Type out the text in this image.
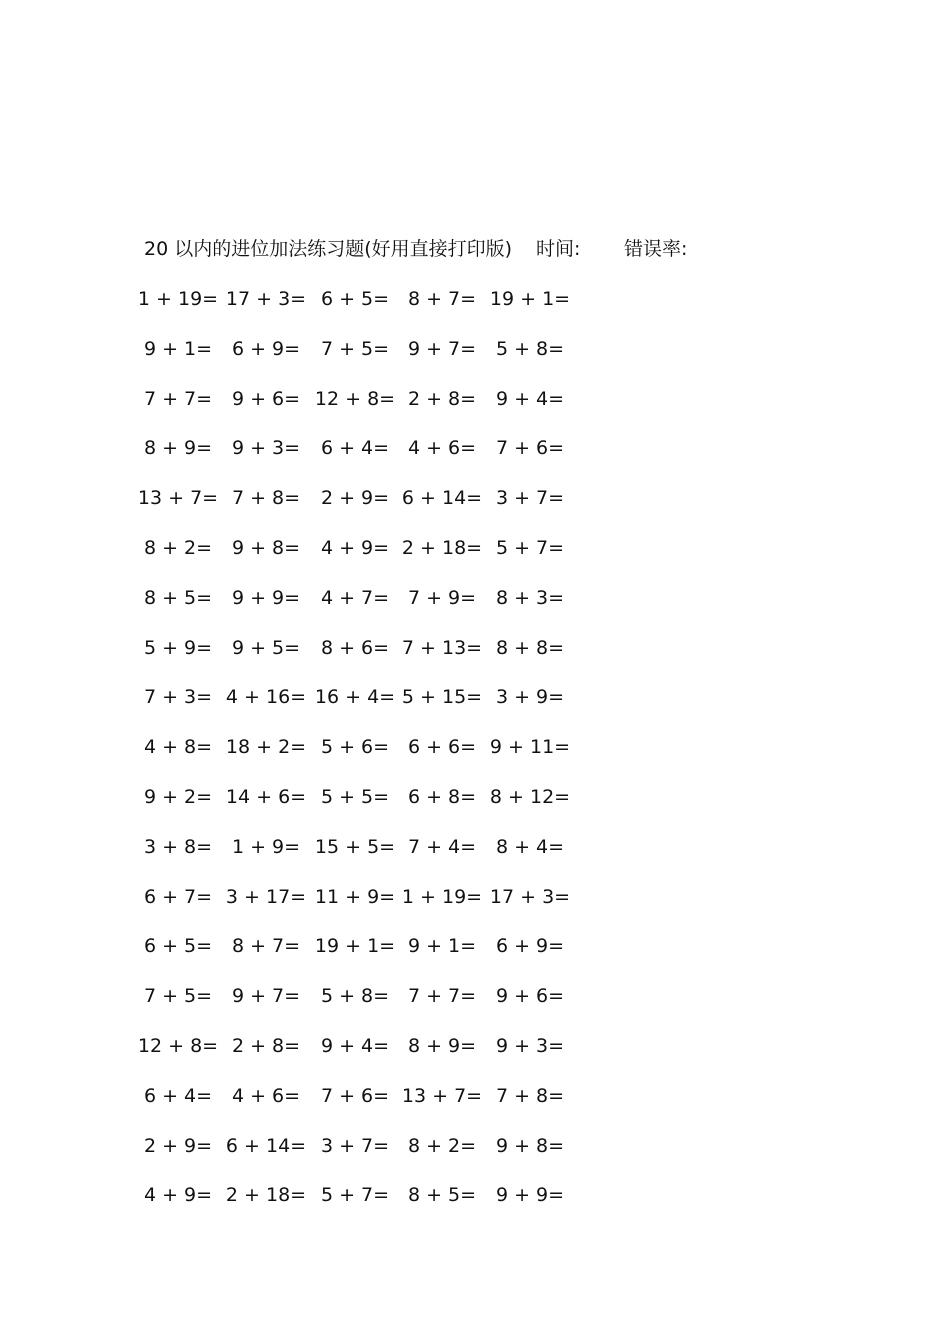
20 以内的进位加法练习题(好用直接打印版) 时间: 错误率:
1 + 19= 17 + 3= 6 + 5= 8 + 7= 19 + 1=
9 + 1=	6 + 9=	7 + 5= 9 + 7=	5 + 8=
7 + 7=	9 + 6= 12 + 8= 2 + 8=	9 + 4=
8 + 9=	9 + 3=	6 + 4= 4 + 6=	7 + 6=
13 + 7= 7 + 8=	2 + 9= 6 + 14= 3 + 7=
8 + 2=	9 + 8=	4 + 9= 2 + 18= 5 + 7=
8 + 5=	9 + 9=	4 + 7= 7 + 9=	8 + 3=
5 + 9=	9 + 5=	8 + 6= 7 + 13= 8 + 8=
7 + 3= 4 + 16= 16 + 4= 5 + 15= 3 + 9=
4 + 8= 18 + 2= 5 + 6= 6 + 6= 9 + 11=
9 + 2= 14 + 6= 5 + 5= 6 + 8= 8 + 12=
3 + 8=	1 + 9= 15 + 5= 7 + 4=	8 + 4=
6 + 7= 3 + 17= 11 + 9= 1 + 19= 17 + 3=
6 + 5=	8 + 7= 19 + 1= 9 + 1=	6 + 9=
7 + 5=	9 + 7=	5 + 8= 7 + 7=	9 + 6=
12 + 8= 2 + 8=	9 + 4= 8 + 9=	9 + 3=
6 + 4=	4 + 6=	7 + 6= 13 + 7= 7 + 8=
2 + 9= 6 + 14= 3 + 7= 8 + 2=	9 + 8=
4 + 9= 2 + 18= 5 + 7= 8 + 5=	9 + 9=
